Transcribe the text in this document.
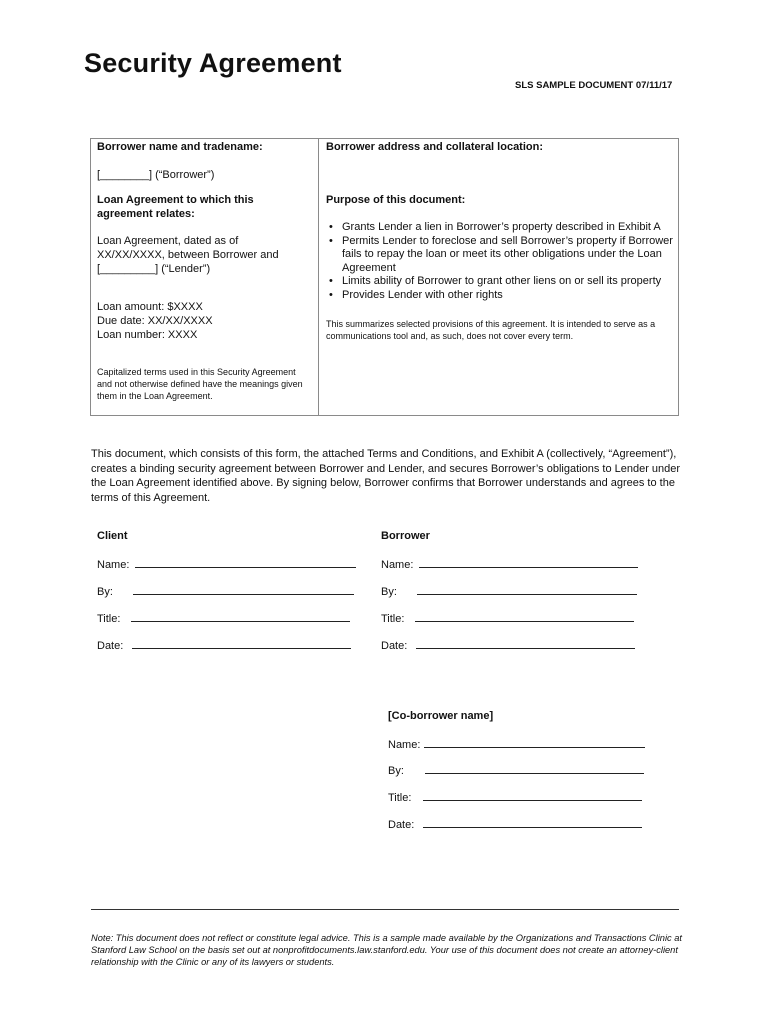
Security Agreement
SLS SAMPLE DOCUMENT 07/11/17
Borrower name and tradename:
[________] (“Borrower”)
Loan Agreement to which this agreement relates:
Loan Agreement, dated as of
XX/XX/XXXX, between Borrower and
[_________] (“Lender”)
Loan amount: $XXXX
Due date: XX/XX/XXXX
Loan number: XXXX
Capitalized terms used in this Security Agreement and not otherwise defined have the meanings given them in the Loan Agreement.
Borrower address and collateral location:
Purpose of this document:
• Grants Lender a lien in Borrower’s property described in Exhibit A
• Permits Lender to foreclose and sell Borrower’s property if Borrower fails to repay the loan or meet its other obligations under the Loan Agreement
• Limits ability of Borrower to grant other liens on or sell its property
• Provides Lender with other rights
This summarizes selected provisions of this agreement. It is intended to serve as a communications tool and, as such, does not cover every term.
This document, which consists of this form, the attached Terms and Conditions, and Exhibit A (collectively, “Agreement”), creates a binding security agreement between Borrower and Lender, and secures Borrower’s obligations to Lender under the Loan Agreement identified above. By signing below, Borrower confirms that Borrower understands and agrees to the terms of this Agreement.
Client
Name:
By:
Title:
Date:
Borrower
Name:
By:
Title:
Date:
[Co-borrower name]
Name:
By:
Title:
Date:
Note: This document does not reflect or constitute legal advice. This is a sample made available by the Organizations and Transactions Clinic at Stanford Law School on the basis set out at nonprofitdocuments.law.stanford.edu. Your use of this document does not create an attorney-client relationship with the Clinic or any of its lawyers or students.
